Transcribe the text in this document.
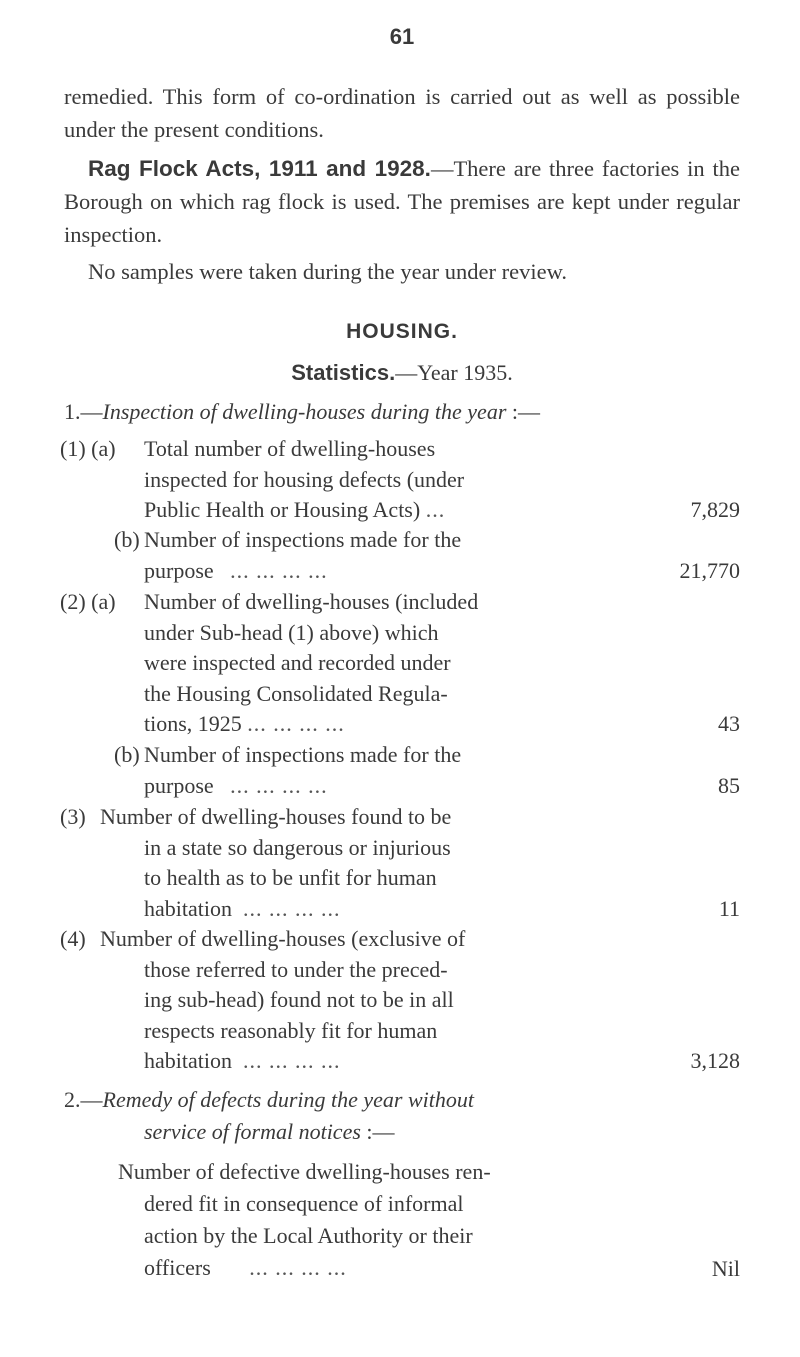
61

remedied. This form of co-ordination is carried out as well as possible under the present conditions.

Rag Flock Acts, 1911 and 1928.—There are three factories in the Borough on which rag flock is used. The premises are kept under regular inspection.

No samples were taken during the year under review.

HOUSING.
Statistics.—Year 1935.
1.—Inspection of dwelling-houses during the year :—
(1) (a) Total number of dwelling-houses
inspected for housing defects (under
Public Health or Housing Acts) ...	7,829
(b) Number of inspections made for the
purpose ... ... ... ...	21,770
(2) (a) Number of dwelling-houses (included
under Sub-head (1) above) which
were inspected and recorded under
the Housing Consolidated Regula-
tions, 1925 ... ... ... ...	43
(b) Number of inspections made for the
purpose ... ... ... ...	85
(3) Number of dwelling-houses found to be
in a state so dangerous or injurious
to health as to be unfit for human
habitation ... ... ... ...	11
(4) Number of dwelling-houses (exclusive of
those referred to under the preced-
ing sub-head) found not to be in all
respects reasonably fit for human
habitation ... ... ... ...	3,128
2.—Remedy of defects during the year without
service of formal notices :—
Number of defective dwelling-houses ren-
dered fit in consequence of informal
action by the Local Authority or their
officers ... ... ... ...	Nil
